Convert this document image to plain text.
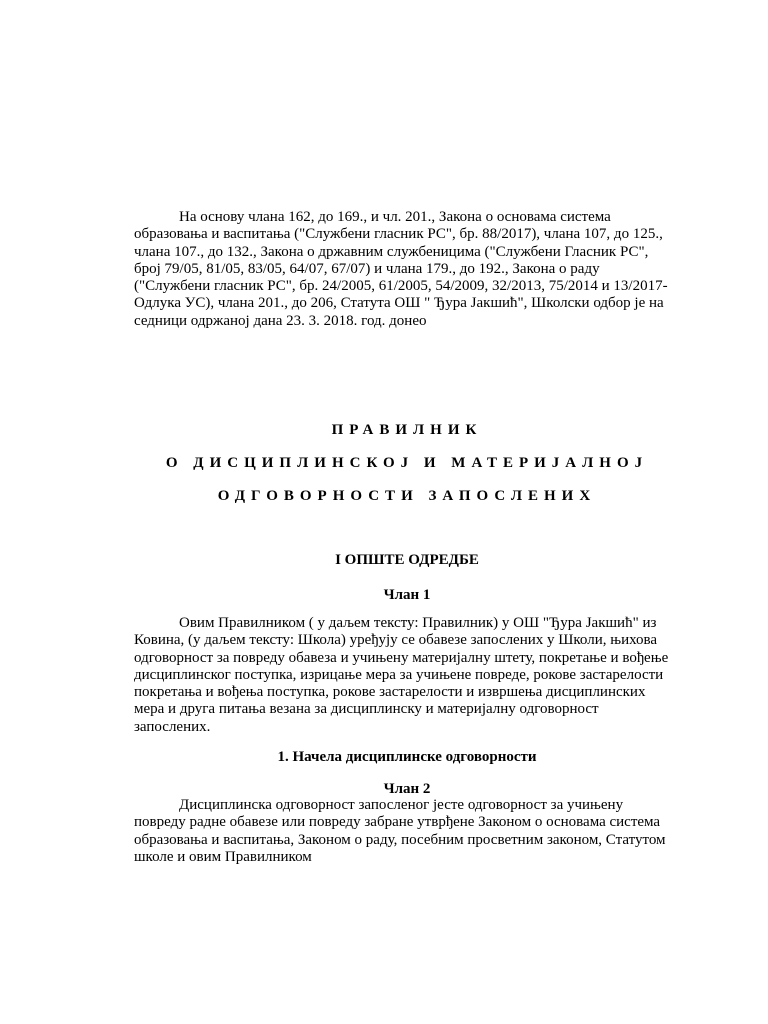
На основу члана 162, до 169., и чл. 201., Закона о основама система
образовања и васпитања ("Службени гласник РС", бр. 88/2017), члана 107, до 125.,
члана 107., до 132., Закона о државним службеницима ("Службени Гласник РС",
број 79/05, 81/05, 83/05, 64/07, 67/07) и члана 179., до 192., Закона о раду
("Службени гласник РС", бр. 24/2005, 61/2005, 54/2009, 32/2013, 75/2014 и 13/2017-
Одлука УС), члана 201., до 206, Статута ОШ " Ђура Јакшић", Школски одбор је на
седници одржаној дана 23. 3. 2018. год. донео
ПРАВИЛНИК
О ДИСЦИПЛИНСКОЈ И МАТЕРИЈАЛНОЈ
ОДГОВОРНОСТИ ЗАПОСЛЕНИХ
I ОПШТЕ ОДРЕДБЕ
Члан 1
Овим Правилником ( у даљем тексту: Правилник) у ОШ "Ђура Јакшић" из
Ковина, (у даљем тексту: Школа) уређују се обавезе запослених у Школи, њихова
одговорност за повреду обавеза и учињену материјалну штету, покретање и вођење
дисциплинског поступка, изрицање мера за учињене повреде, рокове застарелости
покретања и вођења поступка, рокове застарелости и извршења дисциплинских
мера и друга питања везана за дисциплинску и материјалну одговорност
запослених.
1. Начела дисциплинске одговорности
Члан 2
Дисциплинска одговорност запосленог јесте одговорност за учињену
повреду радне обавезе или повреду забране утврђене Законом о основама система
образовања и васпитања, Законом о раду, посебним просветним законом, Статутом
школе и овим Правилником
